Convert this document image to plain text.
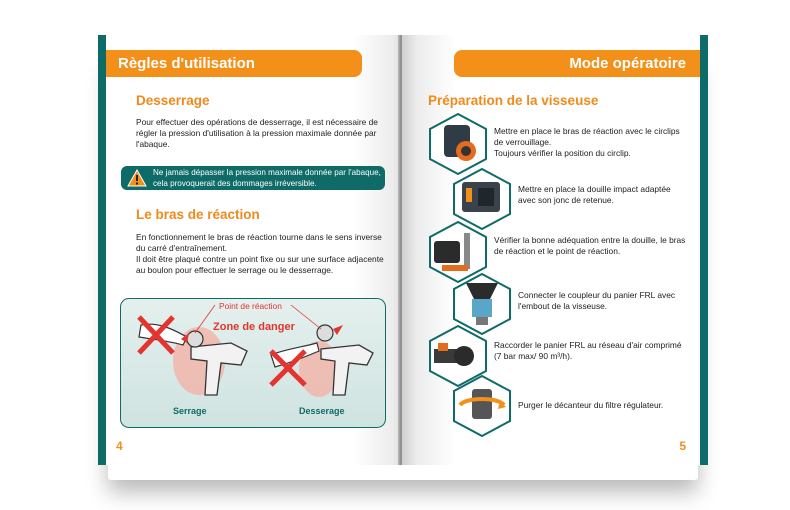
Règles d'utilisation
Desserrage
Pour effectuer des opérations de desserrage, il est nécessaire de régler la pression d'utilisation à la pression maximale donnée par l'abaque.
Ne jamais dépasser la pression maximale donnée par l'abaque, cela provoquerait des dommages irréversible.
Le bras de réaction
En fonctionnement le bras de réaction tourne dans le sens inverse du carré d'entraînement.
Il doit être plaqué contre un point fixe ou sur une surface adjacente au boulon pour effectuer le serrage ou le desserrage.
Point de réaction
Zone de danger
Serrage	Desserage
4
Mode opératoire
Préparation de la visseuse
Mettre en place le bras de réaction avec le circlips de verrouillage.
Toujours vérifier la position du circlip.
Mettre en place la douille impact adaptée avec son jonc de retenue.
Vérifier la bonne adéquation entre la douille, le bras de réaction et le point de réaction.
Connecter le coupleur du panier FRL avec l'embout de la visseuse.
Raccorder le panier FRL au réseau d'air comprimé (7 bar max/ 90 m³/h).
Purger le décanteur du filtre régulateur.
5
